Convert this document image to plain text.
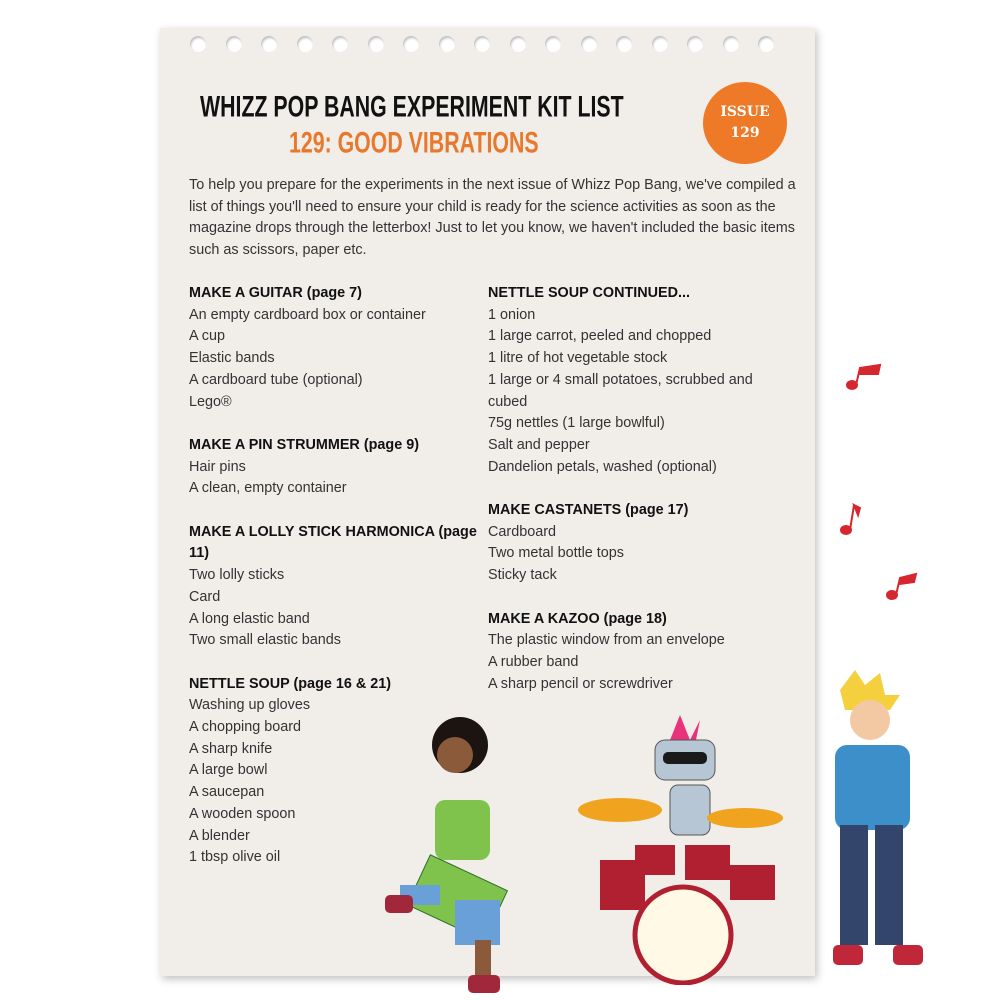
WHIZZ POP BANG EXPERIMENT KIT LIST
129: GOOD VIBRATIONS
ISSUE
129
To help you prepare for the experiments in the next issue of Whizz Pop Bang, we've compiled a list of things you'll need to ensure your child is ready for the science activities as soon as the magazine drops through the letterbox! Just to let you know, we haven't included the basic items such as scissors, paper etc.
MAKE A GUITAR (page 7)
An empty cardboard box or container
A cup
Elastic bands
A cardboard tube (optional)
Lego®
MAKE A PIN STRUMMER (page 9)
Hair pins
A clean, empty container
MAKE A LOLLY STICK HARMONICA (page 11)
Two lolly sticks
Card
A long elastic band
Two small elastic bands
NETTLE SOUP (page 16 & 21)
Washing up gloves
A chopping board
A sharp knife
A large bowl
A saucepan
A wooden spoon
A blender
1 tbsp olive oil
NETTLE SOUP CONTINUED...
1 onion
1 large carrot, peeled and chopped
1 litre of hot vegetable stock
1 large or 4 small potatoes, scrubbed and cubed
75g nettles (1 large bowlful)
Salt and pepper
Dandelion petals, washed (optional)
MAKE CASTANETS (page 17)
Cardboard
Two metal bottle tops
Sticky tack
MAKE A KAZOO (page 18)
The plastic window from an envelope
A rubber band
A sharp pencil or screwdriver
